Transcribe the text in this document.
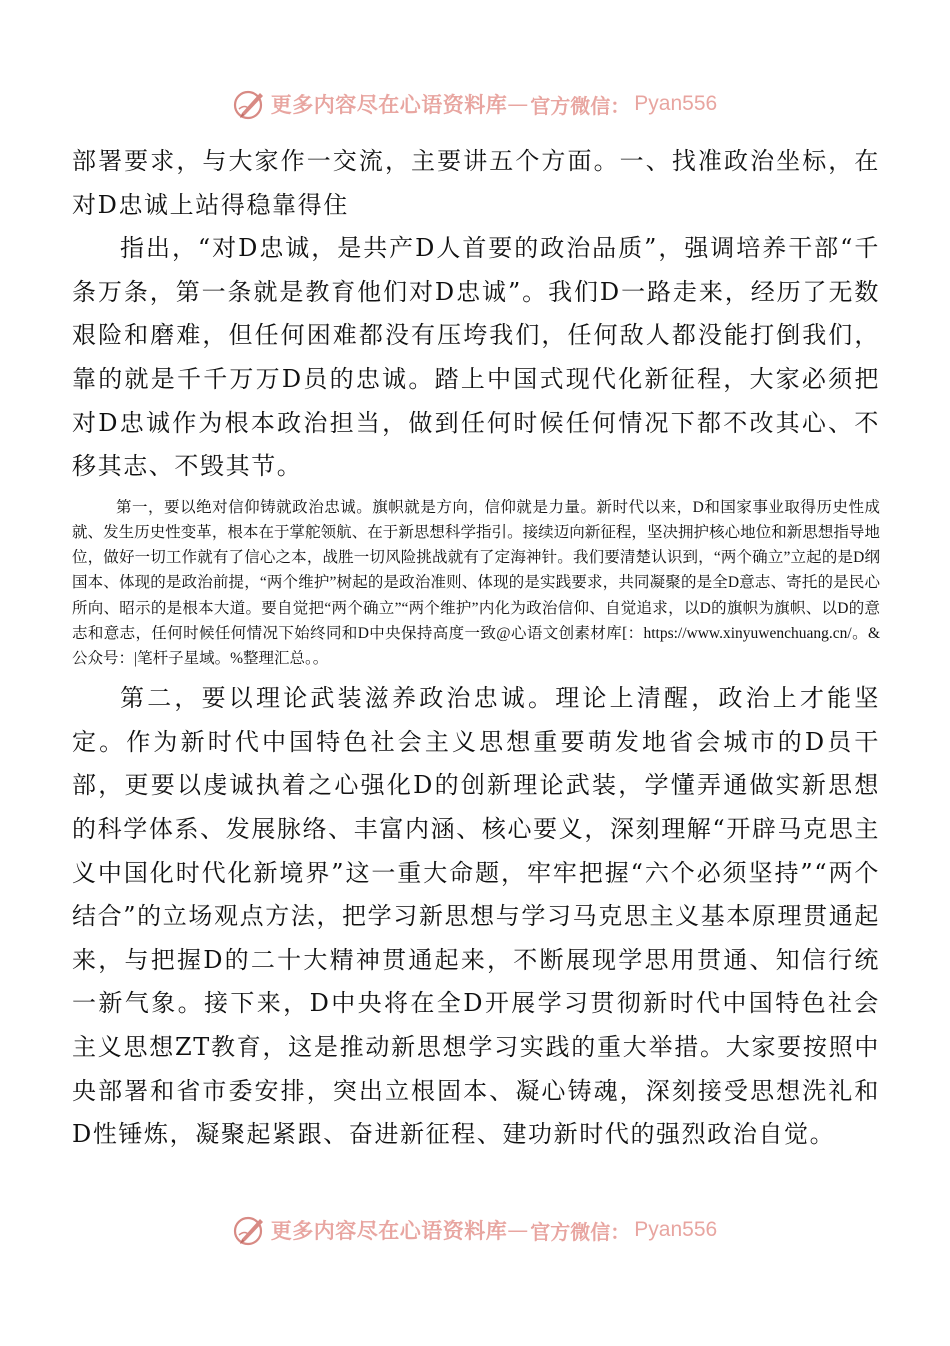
更多内容尽在心语资料库 — 官方微信： Pyan556

部署要求，与大家作一交流，主要讲五个方面。一、找准政治坐标，在对D忠诚上站得稳靠得住

指出，“对D忠诚，是共产D人首要的政治品质”，强调培养干部“千条万条，第一条就是教育他们对D忠诚”。我们D一路走来，经历了无数艰险和磨难，但任何困难都没有压垮我们，任何敌人都没能打倒我们，靠的就是千千万万D员的忠诚。踏上中国式现代化新征程，大家必须把对D忠诚作为根本政治担当，做到任何时候任何情况下都不改其心、不移其志、不毁其节。

第一，要以绝对信仰铸就政治忠诚。旗帜就是方向，信仰就是力量。新时代以来，D和国家事业取得历史性成就、发生历史性变革，根本在于掌舵领航、在于新思想科学指引。接续迈向新征程，坚决拥护核心地位和新思想指导地位，做好一切工作就有了信心之本，战胜一切风险挑战就有了定海神针。我们要清楚认识到，“两个确立”立起的是D纲国本、体现的是政治前提，“两个维护”树起的是政治准则、体现的是实践要求，共同凝聚的是全D意志、寄托的是民心所向、昭示的是根本大道。要自觉把“两个确立”“两个维护”内化为政治信仰、自觉追求，以D的旗帜为旗帜、以D的意志和意志，任何时候任何情况下始终同和D中央保持高度一致@心语文创素材库[：https://www.xinyuwenchuang.cn/。&公众号：|笔杆子星域。%整理汇总。。

第二，要以理论武装滋养政治忠诚。理论上清醒，政治上才能坚定。作为新时代中国特色社会主义思想重要萌发地省会城市的D员干部，更要以虔诚执着之心强化D的创新理论武装，学懂弄通做实新思想的科学体系、发展脉络、丰富内涵、核心要义，深刻理解“开辟马克思主义中国化时代化新境界”这一重大命题，牢牢把握“六个必须坚持”“两个结合”的立场观点方法，把学习新思想与学习马克思主义基本原理贯通起来，与把握D的二十大精神贯通起来，不断展现学思用贯通、知信行统一新气象。接下来，D中央将在全D开展学习贯彻新时代中国特色社会主义思想ZT教育，这是推动新思想学习实践的重大举措。大家要按照中央部署和省市委安排，突出立根固本、凝心铸魂，深刻接受思想洗礼和D性锤炼，凝聚起紧跟、奋进新征程、建功新时代的强烈政治自觉。

更多内容尽在心语资料库 — 官方微信： Pyan556
